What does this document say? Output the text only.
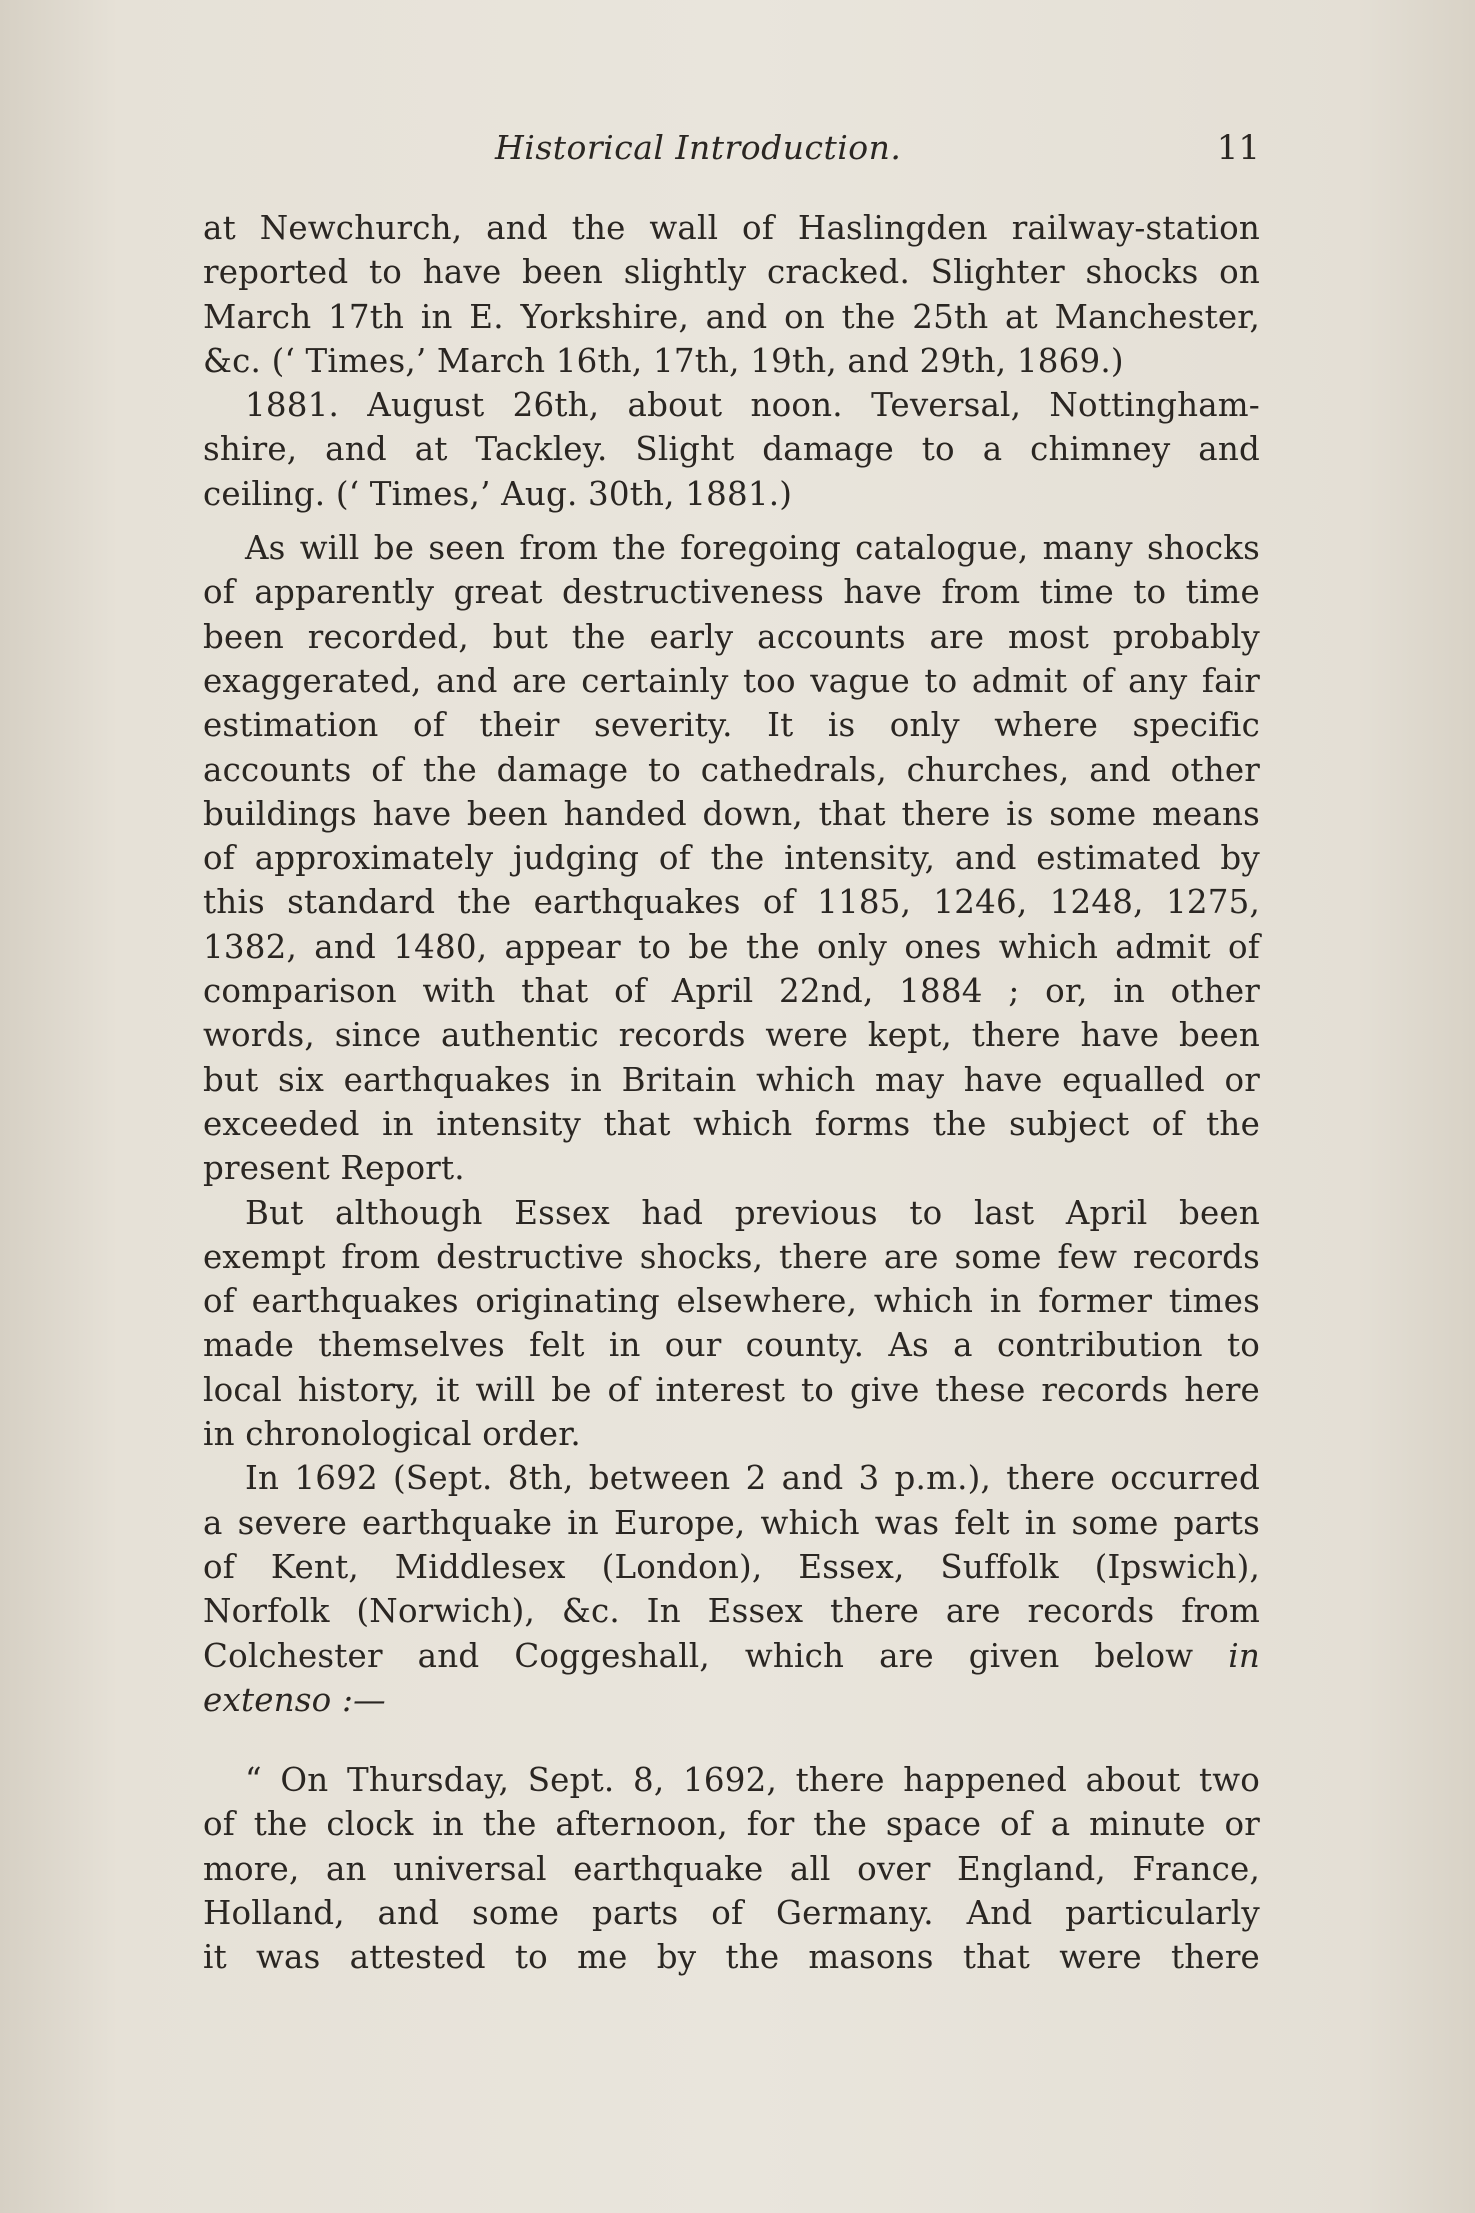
Historical Introduction.	11

at Newchurch, and the wall of Haslingden railway-station
reported to have been slightly cracked. Slighter shocks on
March 17th in E. Yorkshire, and on the 25th at Manchester,
&c. (‘ Times,’ March 16th, 17th, 19th, and 29th, 1869.)

1881. August 26th, about noon. Teversal, Nottingham-
shire, and at Tackley. Slight damage to a chimney and
ceiling. (‘ Times,’ Aug. 30th, 1881.)

As will be seen from the foregoing catalogue, many shocks
of apparently great destructiveness have from time to time
been recorded, but the early accounts are most probably
exaggerated, and are certainly too vague to admit of any fair
estimation of their severity. It is only where specific
accounts of the damage to cathedrals, churches, and other
buildings have been handed down, that there is some means
of approximately judging of the intensity, and estimated by
this standard the earthquakes of 1185, 1246, 1248, 1275,
1382, and 1480, appear to be the only ones which admit of
comparison with that of April 22nd, 1884 ; or, in other
words, since authentic records were kept, there have been
but six earthquakes in Britain which may have equalled or
exceeded in intensity that which forms the subject of the
present Report.

But although Essex had previous to last April been
exempt from destructive shocks, there are some few records
of earthquakes originating elsewhere, which in former times
made themselves felt in our county. As a contribution to
local history, it will be of interest to give these records here
in chronological order.

In 1692 (Sept. 8th, between 2 and 3 p.m.), there occurred
a severe earthquake in Europe, which was felt in some parts
of Kent, Middlesex (London), Essex, Suffolk (Ipswich),
Norfolk (Norwich), &c. In Essex there are records from
Colchester and Coggeshall, which are given below in
extenso :—

“ On Thursday, Sept. 8, 1692, there happened about two
of the clock in the afternoon, for the space of a minute or
more, an universal earthquake all over England, France,
Holland, and some parts of Germany. And particularly
it was attested to me by the masons that were there
